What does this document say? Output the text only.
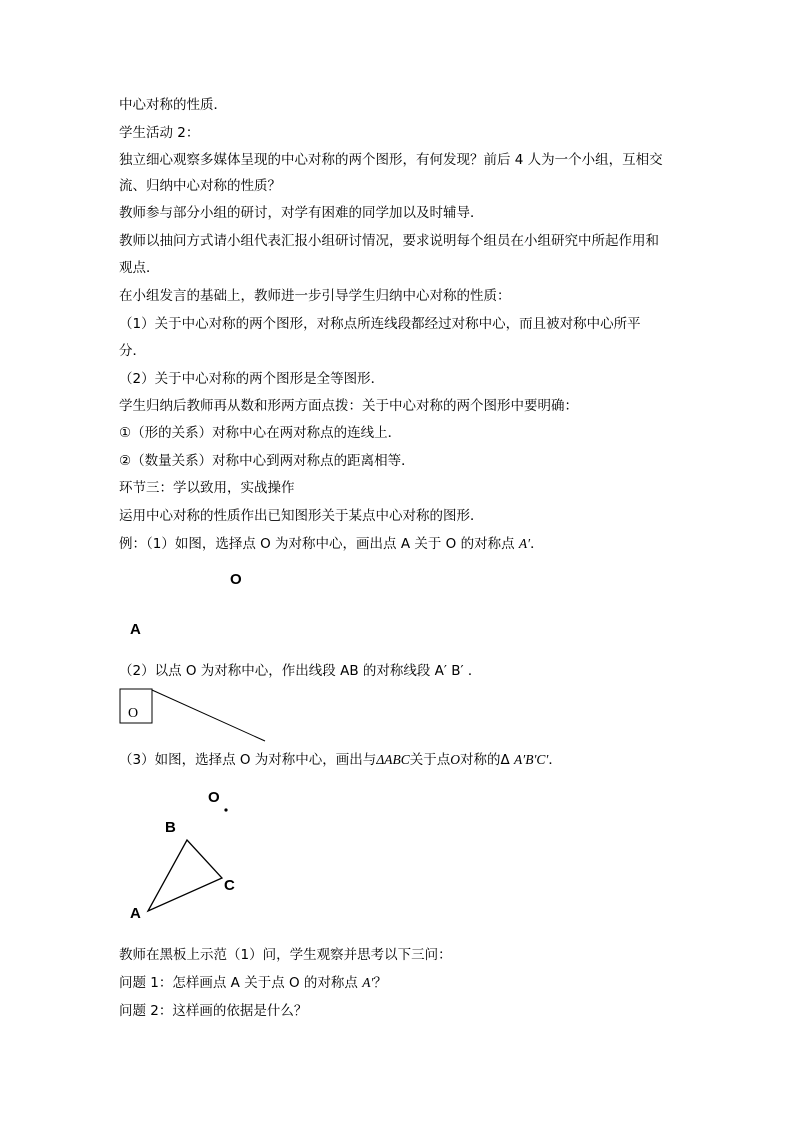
中心对称的性质．
学生活动 2：
独立细心观察多媒体呈现的中心对称的两个图形，有何发现？前后 4 人为一个小组，互相交
流、归纳中心对称的性质？
教师参与部分小组的研讨，对学有困难的同学加以及时辅导．
教师以抽问方式请小组代表汇报小组研讨情况，要求说明每个组员在小组研究中所起作用和
观点．
在小组发言的基础上，教师进一步引导学生归纳中心对称的性质：
（1）关于中心对称的两个图形，对称点所连线段都经过对称中心，而且被对称中心所平
分．
（2）关于中心对称的两个图形是全等图形．
学生归纳后教师再从数和形两方面点拨：关于中心对称的两个图形中要明确：
①（形的关系）对称中心在两对称点的连线上．
②（数量关系）对称中心到两对称点的距离相等．
环节三：学以致用，实战操作
运用中心对称的性质作出已知图形关于某点中心对称的图形．
例：（1）如图，选择点 O 为对称中心，画出点 A 关于 O 的对称点 A′．
O
A
（2）以点 O 为对称中心，作出线段 AB 的对称线段 A′ B′ ．
O
（3）如图，选择点 O 为对称中心，画出与ΔABC关于点O对称的Δ A′B′C′．
O
B
C
A
教师在黑板上示范（1）问，学生观察并思考以下三问：
问题 1：怎样画点 A 关于点 O 的对称点 A′？
问题 2：这样画的依据是什么？
